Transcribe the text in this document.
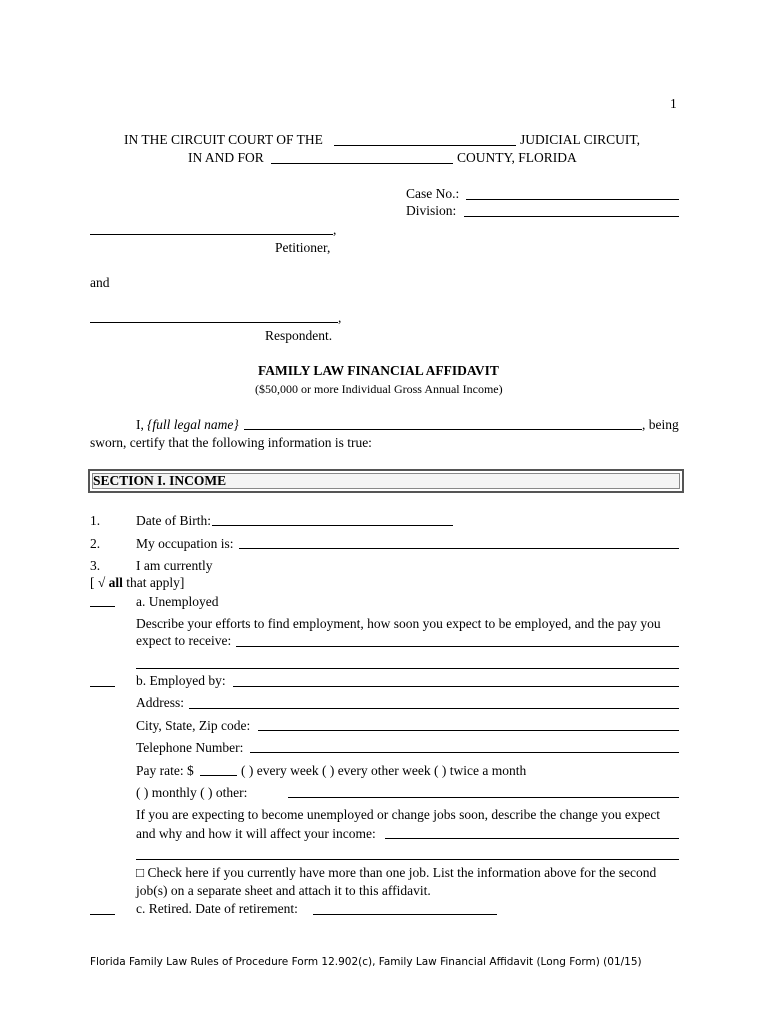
1
IN THE CIRCUIT COURT OF THE	JUDICIAL CIRCUIT,
IN AND FOR	COUNTY, FLORIDA
Case No.:
Division:
,
Petitioner,
and
,
Respondent.
FAMILY LAW FINANCIAL AFFIDAVIT
($50,000 or more Individual Gross Annual Income)
I, {full legal name}	, being
sworn, certify that the following information is true:
SECTION I. INCOME
1.	Date of Birth:
2.	My occupation is:
3.	I am currently
[ √ all that apply]
a. Unemployed
Describe your efforts to find employment, how soon you expect to be employed, and the pay you
expect to receive:
b. Employed by:
Address:
City, State, Zip code:
Telephone Number:
Pay rate: $	( ) every week ( ) every other week ( ) twice a month
( ) monthly ( ) other:
If you are expecting to become unemployed or change jobs soon, describe the change you expect
and why and how it will affect your income:
□ Check here if you currently have more than one job. List the information above for the second
job(s) on a separate sheet and attach it to this affidavit.
c. Retired. Date of retirement:
Florida Family Law Rules of Procedure Form 12.902(c), Family Law Financial Affidavit (Long Form) (01/15)
